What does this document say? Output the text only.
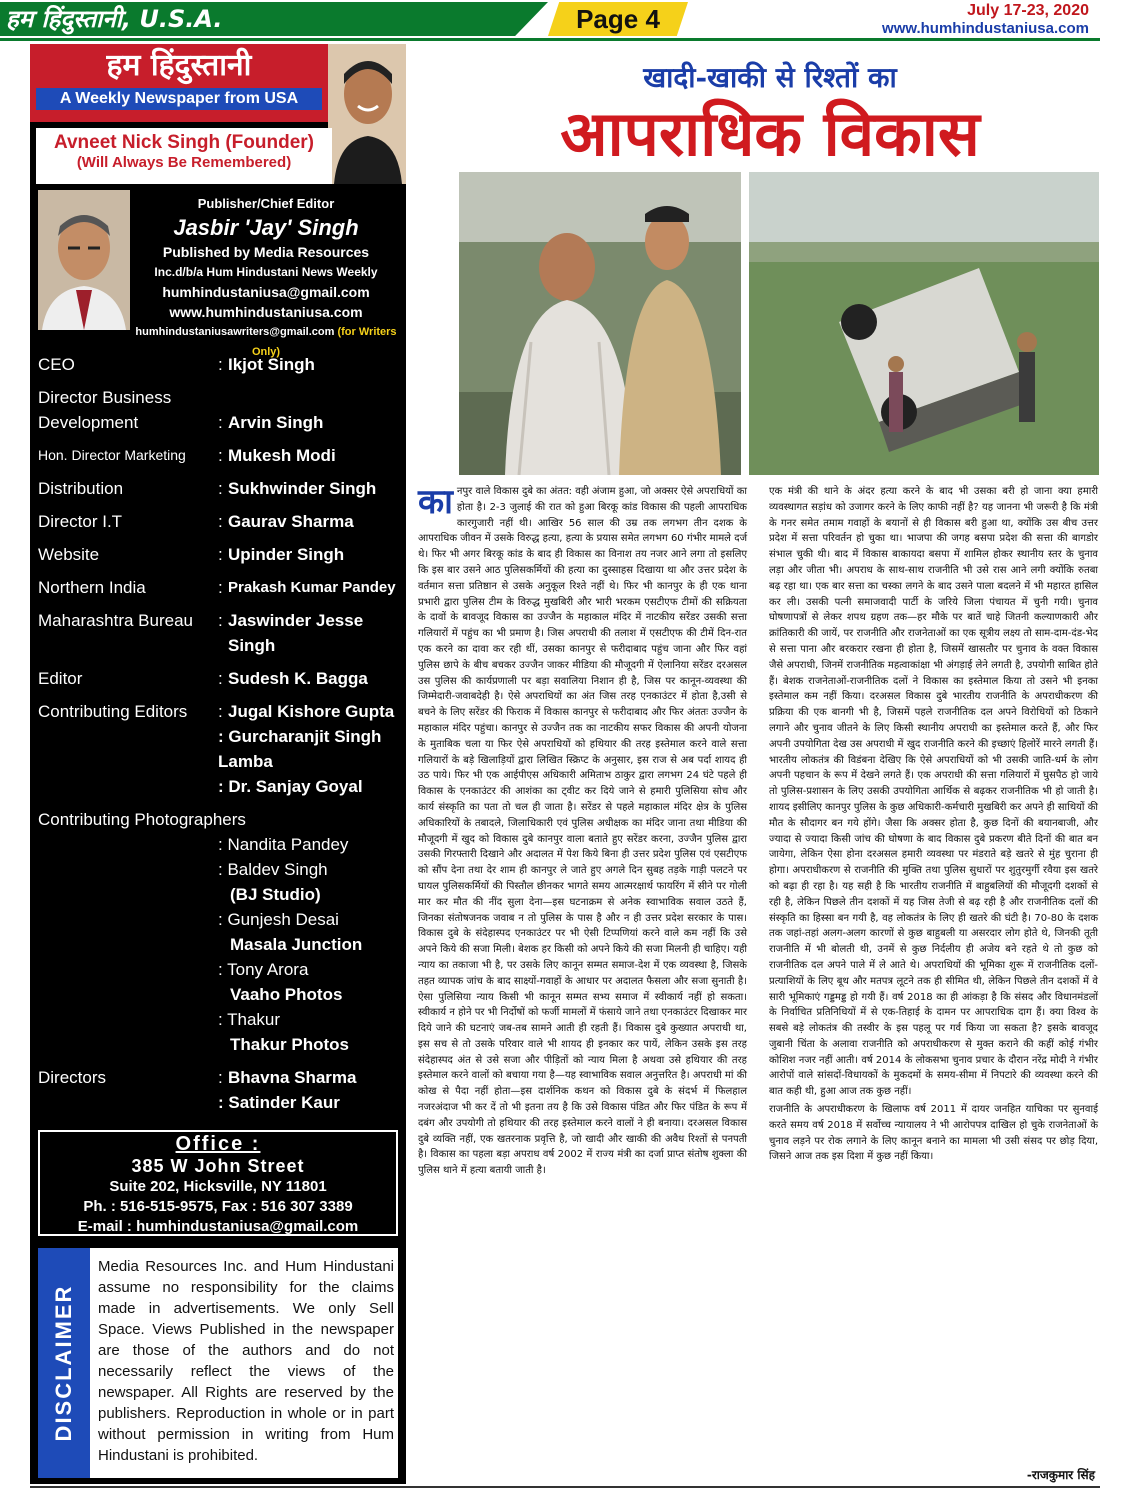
हम हिंदुस्तानी, U.S.A.	Page 4	July 17-23, 2020
www.humhindustaniusa.com
हम हिंदुस्तानी
A Weekly Newspaper from USA
Avneet Nick Singh (Founder)
(Will Always Be Remembered)
Publisher/Chief Editor
Jasbir 'Jay' Singh
Published by Media Resources
Inc.d/b/a Hum Hindustani News Weekly
humhindustaniusa@gmail.com
www.humhindustaniusa.com
humhindustaniusawriters@gmail.com (for Writers Only)
CEO	: Ikjot Singh
Director Business Development	: Arvin Singh
Hon. Director Marketing	: Mukesh Modi
Distribution	: Sukhwinder Singh
Director I.T	: Gaurav Sharma
Website	: Upinder Singh
Northern India	: Prakash Kumar Pandey
Maharashtra Bureau	: Jaswinder Jesse Singh
Editor	: Sudesh K. Bagga
Contributing Editors	: Jugal Kishore Gupta
: Gurcharanjit Singh Lamba
: Dr. Sanjay Goyal
Contributing Photographers
: Nandita Pandey
: Baldev Singh
(BJ Studio)
: Gunjesh Desai
Masala Junction
: Tony Arora
Vaaho Photos
: Thakur
Thakur Photos
Directors	: Bhavna Sharma
: Satinder Kaur
Office :
385 W John Street
Suite 202, Hicksville, NY 11801
Ph. : 516-515-9575, Fax : 516 307 3389
E-mail : humhindustaniusa@gmail.com
DISCLAIMER
Media Resources Inc. and Hum Hindustani assume no responsibility for the claims made in advertisements. We only Sell Space. Views Published in the newspaper are those of the authors and do not necessarily reflect the views of the newspaper. All Rights are reserved by the publishers. Reproduction in whole or in part without permission in writing from Hum Hindustani is prohibited.
खादी-खाकी से रिश्तों का
आपराधिक विकास

कानपुर वाले विकास दुबे का अंतत: वही अंजाम हुआ, जो अक्सर ऐसे अपराधियों का होता है। 2-3 जुलाई की रात को हुआ बिरकू कांड विकास की पहली आपराधिक कारगुजारी नहीं थी। आखिर 56 साल की उम्र तक लगभग तीन दशक के आपराधिक जीवन में उसके विरुद्ध हत्या, हत्या के प्रयास समेत लगभग 60 गंभीर मामले दर्ज थे। फिर भी अगर बिरकू कांड के बाद ही विकास का विनाश तय नजर आने लगा तो इसलिए कि इस बार उसने आठ पुलिसकर्मियों की हत्या का दुस्साहस दिखाया था और उत्तर प्रदेश के वर्तमान सत्ता प्रतिष्ठान से उसके अनुकूल रिश्ते नहीं थे। फिर भी कानपुर के ही एक थाना प्रभारी द्वारा पुलिस टीम के विरुद्ध मुखबिरी और भारी भरकम एसटीएफ टीमों की सक्रियता के दावों के बावजूद विकास का उज्जैन के महाकाल मंदिर में नाटकीय सरेंडर उसकी सत्ता गलियारों में पहुंच का भी प्रमाण है। जिस अपराधी की तलाश में एसटीएफ की टीमें दिन-रात एक करने का दावा कर रही थीं, उसका कानपुर से फरीदाबाद पहुंच जाना और फिर वहां पुलिस छापे के बीच बचकर उज्जैन जाकर मीडिया की मौजूदगी में ऐलानिया सरेंडर दरअसल उस पुलिस की कार्यप्रणाली पर बड़ा सवालिया निशान ही है, जिस पर कानून-व्यवस्था की जिम्मेदारी-जवाबदेही है। ऐसे अपराधियों का अंत जिस तरह एनकाउंटर में होता है,उसी से बचने के लिए सरेंडर की फिराक में विकास कानपुर से फरीदाबाद और फिर अंततः उज्जैन के महाकाल मंदिर पहुंचा। कानपुर से उज्जैन तक का नाटकीय सफर विकास की अपनी योजना के मुताबिक चला या फिर ऐसे अपराधियों को हथियार की तरह इस्तेमाल करने वाले सत्ता गलियारों के बड़े खिलाड़ियों द्वारा लिखित स्क्रिप्ट के अनुसार, इस राज से अब पर्दा शायद ही उठ पाये। फिर भी एक आईपीएस अधिकारी अमिताभ ठाकुर द्वारा लगभग 24 घंटे पहले ही विकास के एनकाउंटर की आशंका का ट्वीट कर दिये जाने से हमारी पुलिसिया सोच और कार्य संस्कृति का पता तो चल ही जाता है। सरेंडर से पहले महाकाल मंदिर क्षेत्र के पुलिस अधिकारियों के तबादले, जिलाधिकारी एवं पुलिस अधीक्षक का मंदिर जाना तथा मीडिया की मौजूदगी में खुद को विकास दुबे कानपुर वाला बताते हुए सरेंडर करना, उज्जैन पुलिस द्वारा उसकी गिरफ्तारी दिखाने और अदालत में पेश किये बिना ही उत्तर प्रदेश पुलिस एवं एसटीएफ को सौंप देना तथा देर शाम ही कानपुर ले जाते हुए अगले दिन सुबह तड़के गाड़ी पलटने पर घायल पुलिसकर्मियों की पिस्तौल छीनकर भागते समय आत्मरक्षार्थ फायरिंग में सीने पर गोली मार कर मौत की नींद सुला देना—इस घटनाक्रम से अनेक स्वाभाविक सवाल उठते हैं, जिनका संतोषजनक जवाब न तो पुलिस के पास है और न ही उत्तर प्रदेश सरकार के पास। विकास दुबे के संदेहास्पद एनकाउंटर पर भी ऐसी टिप्पणियां करने वाले कम नहीं कि उसे अपने किये की सजा मिली। बेशक हर किसी को अपने किये की सजा मिलनी ही चाहिए। यही न्याय का तकाजा भी है, पर उसके लिए कानून सम्मत समाज-देश में एक व्यवस्था है, जिसके तहत व्यापक जांच के बाद साक्ष्यों-गवाहों के आधार पर अदालत फैसला और सजा सुनाती है। ऐसा पुलिसिया न्याय किसी भी कानून सम्मत सभ्य समाज में स्वीकार्य नहीं हो सकता। स्वीकार्य न होने पर भी निर्दोषों को फर्जी मामलों में फंसाये जाने तथा एनकाउंटर दिखाकर मार दिये जाने की घटनाएं जब-तब सामने आती ही रहती हैं। विकास दुबे कुख्यात अपराधी था, इस सच से तो उसके परिवार वाले भी शायद ही इनकार कर पायें, लेकिन उसके इस तरह संदेहास्पद अंत से उसे सजा और पीड़ितों को न्याय मिला है अथवा उसे हथियार की तरह इस्तेमाल करने वालों को बचाया गया है—यह स्वाभाविक सवाल अनुत्तरित है। अपराधी मां की कोख से पैदा नहीं होता—इस दार्शनिक कथन को विकास दुबे के संदर्भ में फिलहाल नजरअंदाज भी कर दें तो भी इतना तय है कि उसे विकास पंडित और फिर पंडित के रूप में दबंग और उपयोगी तो हथियार की तरह इस्तेमाल करने वालों ने ही बनाया। दरअसल विकास दुबे व्यक्ति नहीं, एक खतरनाक प्रवृत्ति है, जो खादी और खाकी की अवैध रिश्तों से पनपती है। विकास का पहला बड़ा अपराध वर्ष 2002 में राज्य मंत्री का दर्जा प्राप्त संतोष शुक्ला की पुलिस थाने में हत्या बतायी जाती है।

एक मंत्री की थाने के अंदर हत्या करने के बाद भी उसका बरी हो जाना क्या हमारी व्यवस्थागत सड़ांध को उजागर करने के लिए काफी नहीं है? यह जानना भी जरूरी है कि मंत्री के गनर समेत तमाम गवाहों के बयानों से ही विकास बरी हुआ था, क्योंकि उस बीच उत्तर प्रदेश में सत्ता परिवर्तन हो चुका था। भाजपा की जगह बसपा प्रदेश की सत्ता की बागडोर संभाल चुकी थी। बाद में विकास बाकायदा बसपा में शामिल होकर स्थानीय स्तर के चुनाव लड़ा और जीता भी। अपराध के साथ-साथ राजनीति भी उसे रास आने लगी क्योंकि रुतबा बढ़ रहा था। एक बार सत्ता का चस्का लगने के बाद उसने पाला बदलने में भी महारत हासिल कर ली। उसकी पत्नी समाजवादी पार्टी के जरिये जिला पंचायत में चुनी गयी। चुनाव घोषणापत्रों से लेकर शपथ ग्रहण तक—हर मौके पर बातें चाहे जितनी कल्याणकारी और क्रांतिकारी की जायें, पर राजनीति और राजनेताओं का एक सूत्रीय लक्ष्य तो साम-दाम-दंड-भेद से सत्ता पाना और बरकरार रखना ही होता है, जिसमें खासतौर पर चुनाव के वक्त विकास जैसे अपराधी, जिनमें राजनीतिक महत्वाकांक्षा भी अंगड़ाई लेने लगती है, उपयोगी साबित होते हैं। बेशक राजनेताओं-राजनीतिक दलों ने विकास का इस्तेमाल किया तो उसने भी इनका इस्तेमाल कम नहीं किया। दरअसल विकास दुबे भारतीय राजनीति के अपराधीकरण की प्रक्रिया की एक बानगी भी है, जिसमें पहले राजनीतिक दल अपने विरोधियों को ठिकाने लगाने और चुनाव जीतने के लिए किसी स्थानीय अपराधी का इस्तेमाल करते हैं, और फिर अपनी उपयोगिता देख उस अपराधी में खुद राजनीति करने की इच्छाएं हिलोरें मारने लगती हैं। भारतीय लोकतंत्र की विडंबना देखिए कि ऐसे अपराधियों को भी उसकी जाति-धर्म के लोग अपनी पहचान के रूप में देखने लगते हैं। एक अपराधी की सत्ता गलियारों में घुसपैठ हो जाये तो पुलिस-प्रशासन के लिए उसकी उपयोगिता आर्थिक से बढ़कर राजनीतिक भी हो जाती है। शायद इसीलिए कानपुर पुलिस के कुछ अधिकारी-कर्मचारी मुखबिरी कर अपने ही साथियों की मौत के सौदागर बन गये होंगे। जैसा कि अक्सर होता है, कुछ दिनों की बयानबाजी, और ज्यादा से ज्यादा किसी जांच की घोषणा के बाद विकास दुबे प्रकरण बीते दिनों की बात बन जायेगा, लेकिन ऐसा होना दरअसल हमारी व्यवस्था पर मंडराते बड़े खतरे से मुंह चुराना ही होगा। अपराधीकरण से राजनीति की मुक्ति तथा पुलिस सुधारों पर शुतुरमुर्गी रवैया इस खतरे को बढ़ा ही रहा है। यह सही है कि भारतीय राजनीति में बाहुबलियों की मौजूदगी दशकों से रही है, लेकिन पिछले तीन दशकों में यह जिस तेजी से बढ़ रही है और राजनीतिक दलों की संस्कृति का हिस्सा बन गयी है, वह लोकतंत्र के लिए ही खतरे की घंटी है। 70-80 के दशक तक जहां-तहां अलग-अलग कारणों से कुछ बाहुबली या असरदार लोग होते थे, जिनकी तूती राजनीति में भी बोलती थी, उनमें से कुछ निर्दलीय ही अजेय बने रहते थे तो कुछ को राजनीतिक दल अपने पाले में ले आते थे। अपराधियों की भूमिका शुरू में राजनीतिक दलों-प्रत्याशियों के लिए बूथ और मतपत्र लूटने तक ही सीमित थी, लेकिन पिछले तीन दशकों में वे सारी भूमिकाएं गड्डमड्ड हो गयी हैं। वर्ष 2018 का ही आंकड़ा है कि संसद और विधानमंडलों के निर्वाचित प्रतिनिधियों में से एक-तिहाई के दामन पर आपराधिक दाग हैं। क्या विश्व के सबसे बड़े लोकतंत्र की तस्वीर के इस पहलू पर गर्व किया जा सकता है? इसके बावजूद जुबानी चिंता के अलावा राजनीति को अपराधीकरण से मुक्त कराने की कहीं कोई गंभीर कोशिश नजर नहीं आती। वर्ष 2014 के लोकसभा चुनाव प्रचार के दौरान नरेंद्र मोदी ने गंभीर आरोपों वाले सांसदों-विधायकों के मुकदमों के समय-सीमा में निपटारे की व्यवस्था करने की बात कही थी, हुआ आज तक कुछ नहीं।

राजनीति के अपराधीकरण के खिलाफ वर्ष 2011 में दायर जनहित याचिका पर सुनवाई करते समय वर्ष 2018 में सर्वोच्च न्यायालय ने भी आरोपपत्र दाखिल हो चुके राजनेताओं के चुनाव लड़ने पर रोक लगाने के लिए कानून बनाने का मामला भी उसी संसद पर छोड़ दिया, जिसने आज तक इस दिशा में कुछ नहीं किया।

-राजकुमार सिंह
